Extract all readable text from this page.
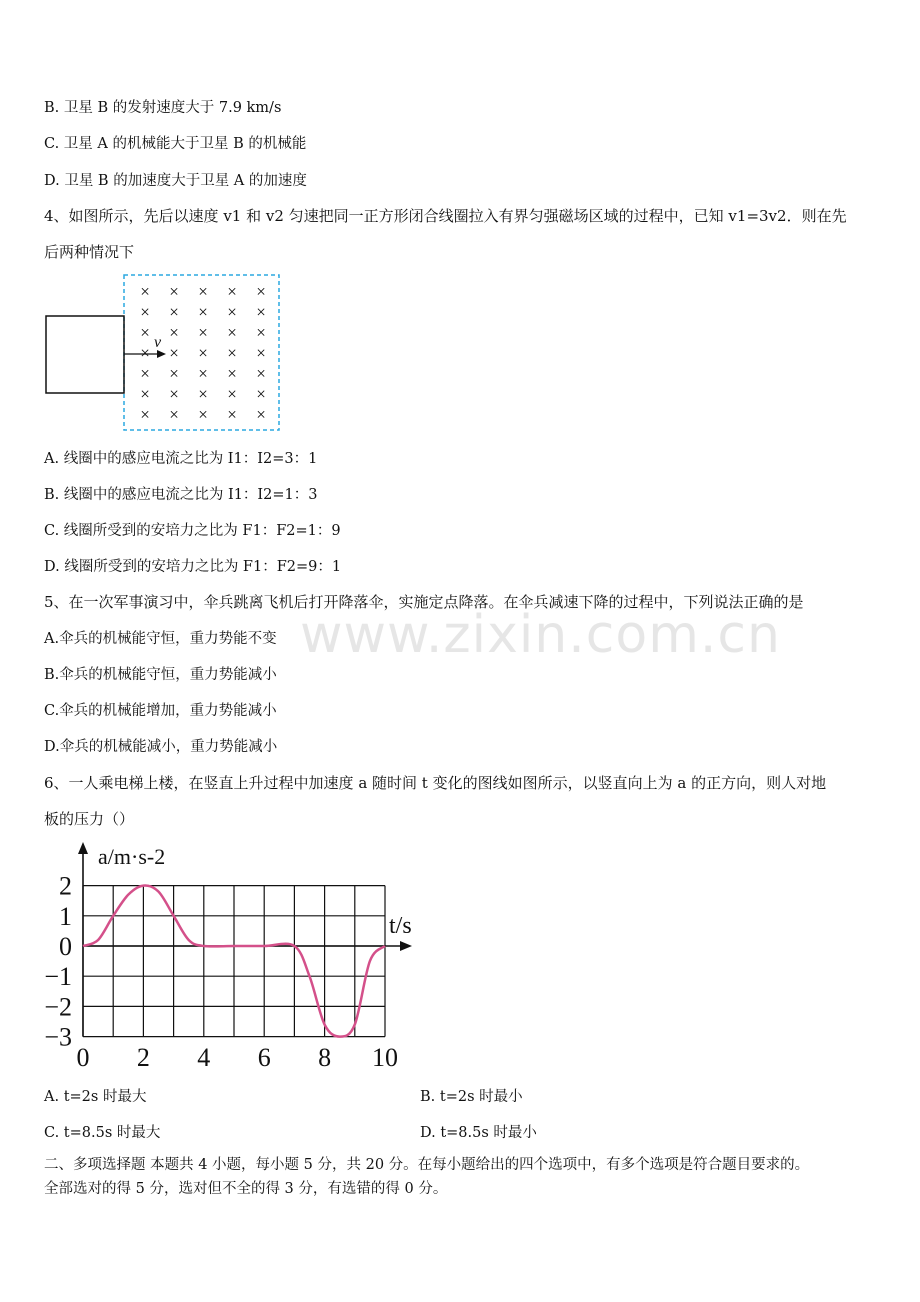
www.zixin.com.cn
B. 卫星 B 的发射速度大于 7.9 km/s
C. 卫星 A 的机械能大于卫星 B 的机械能
D. 卫星 B 的加速度大于卫星 A 的加速度
4、如图所示，先后以速度 v1 和 v2 匀速把同一正方形闭合线圈拉入有界匀强磁场区域的过程中，已知 v1=3v2．则在先
后两种情况下
× × × × ×
× × × × ×
× × × × ×
× × × × ×
× × × × ×
× × × × ×
× × × × ×
v
A. 线圈中的感应电流之比为 I1：I2=3：1
B. 线圈中的感应电流之比为 I1：I2=1：3
C. 线圈所受到的安培力之比为 F1：F2=1：9
D. 线圈所受到的安培力之比为 F1：F2=9：1
5、在一次军事演习中，伞兵跳离飞机后打开降落伞，实施定点降落。在伞兵减速下降的过程中，下列说法正确的是
A.伞兵的机械能守恒，重力势能不变
B.伞兵的机械能守恒，重力势能减小
C.伞兵的机械能增加，重力势能减小
D.伞兵的机械能减小，重力势能减小
6、一人乘电梯上楼，在竖直上升过程中加速度 a 随时间 t 变化的图线如图所示，以竖直向上为 a 的正方向，则人对地
板的压力（）
2
1
0
−1
−2
−3
0 2 4 6 8 10
a/m·s-2
t/s
A. t=2s 时最大	B. t=2s 时最小
C. t=8.5s 时最大	D. t=8.5s 时最小
二、多项选择题 本题共 4 小题，每小题 5 分，共 20 分。在每小题给出的四个选项中，有多个选项是符合题目要求的。
全部选对的得 5 分，选对但不全的得 3 分，有选错的得 0 分。
